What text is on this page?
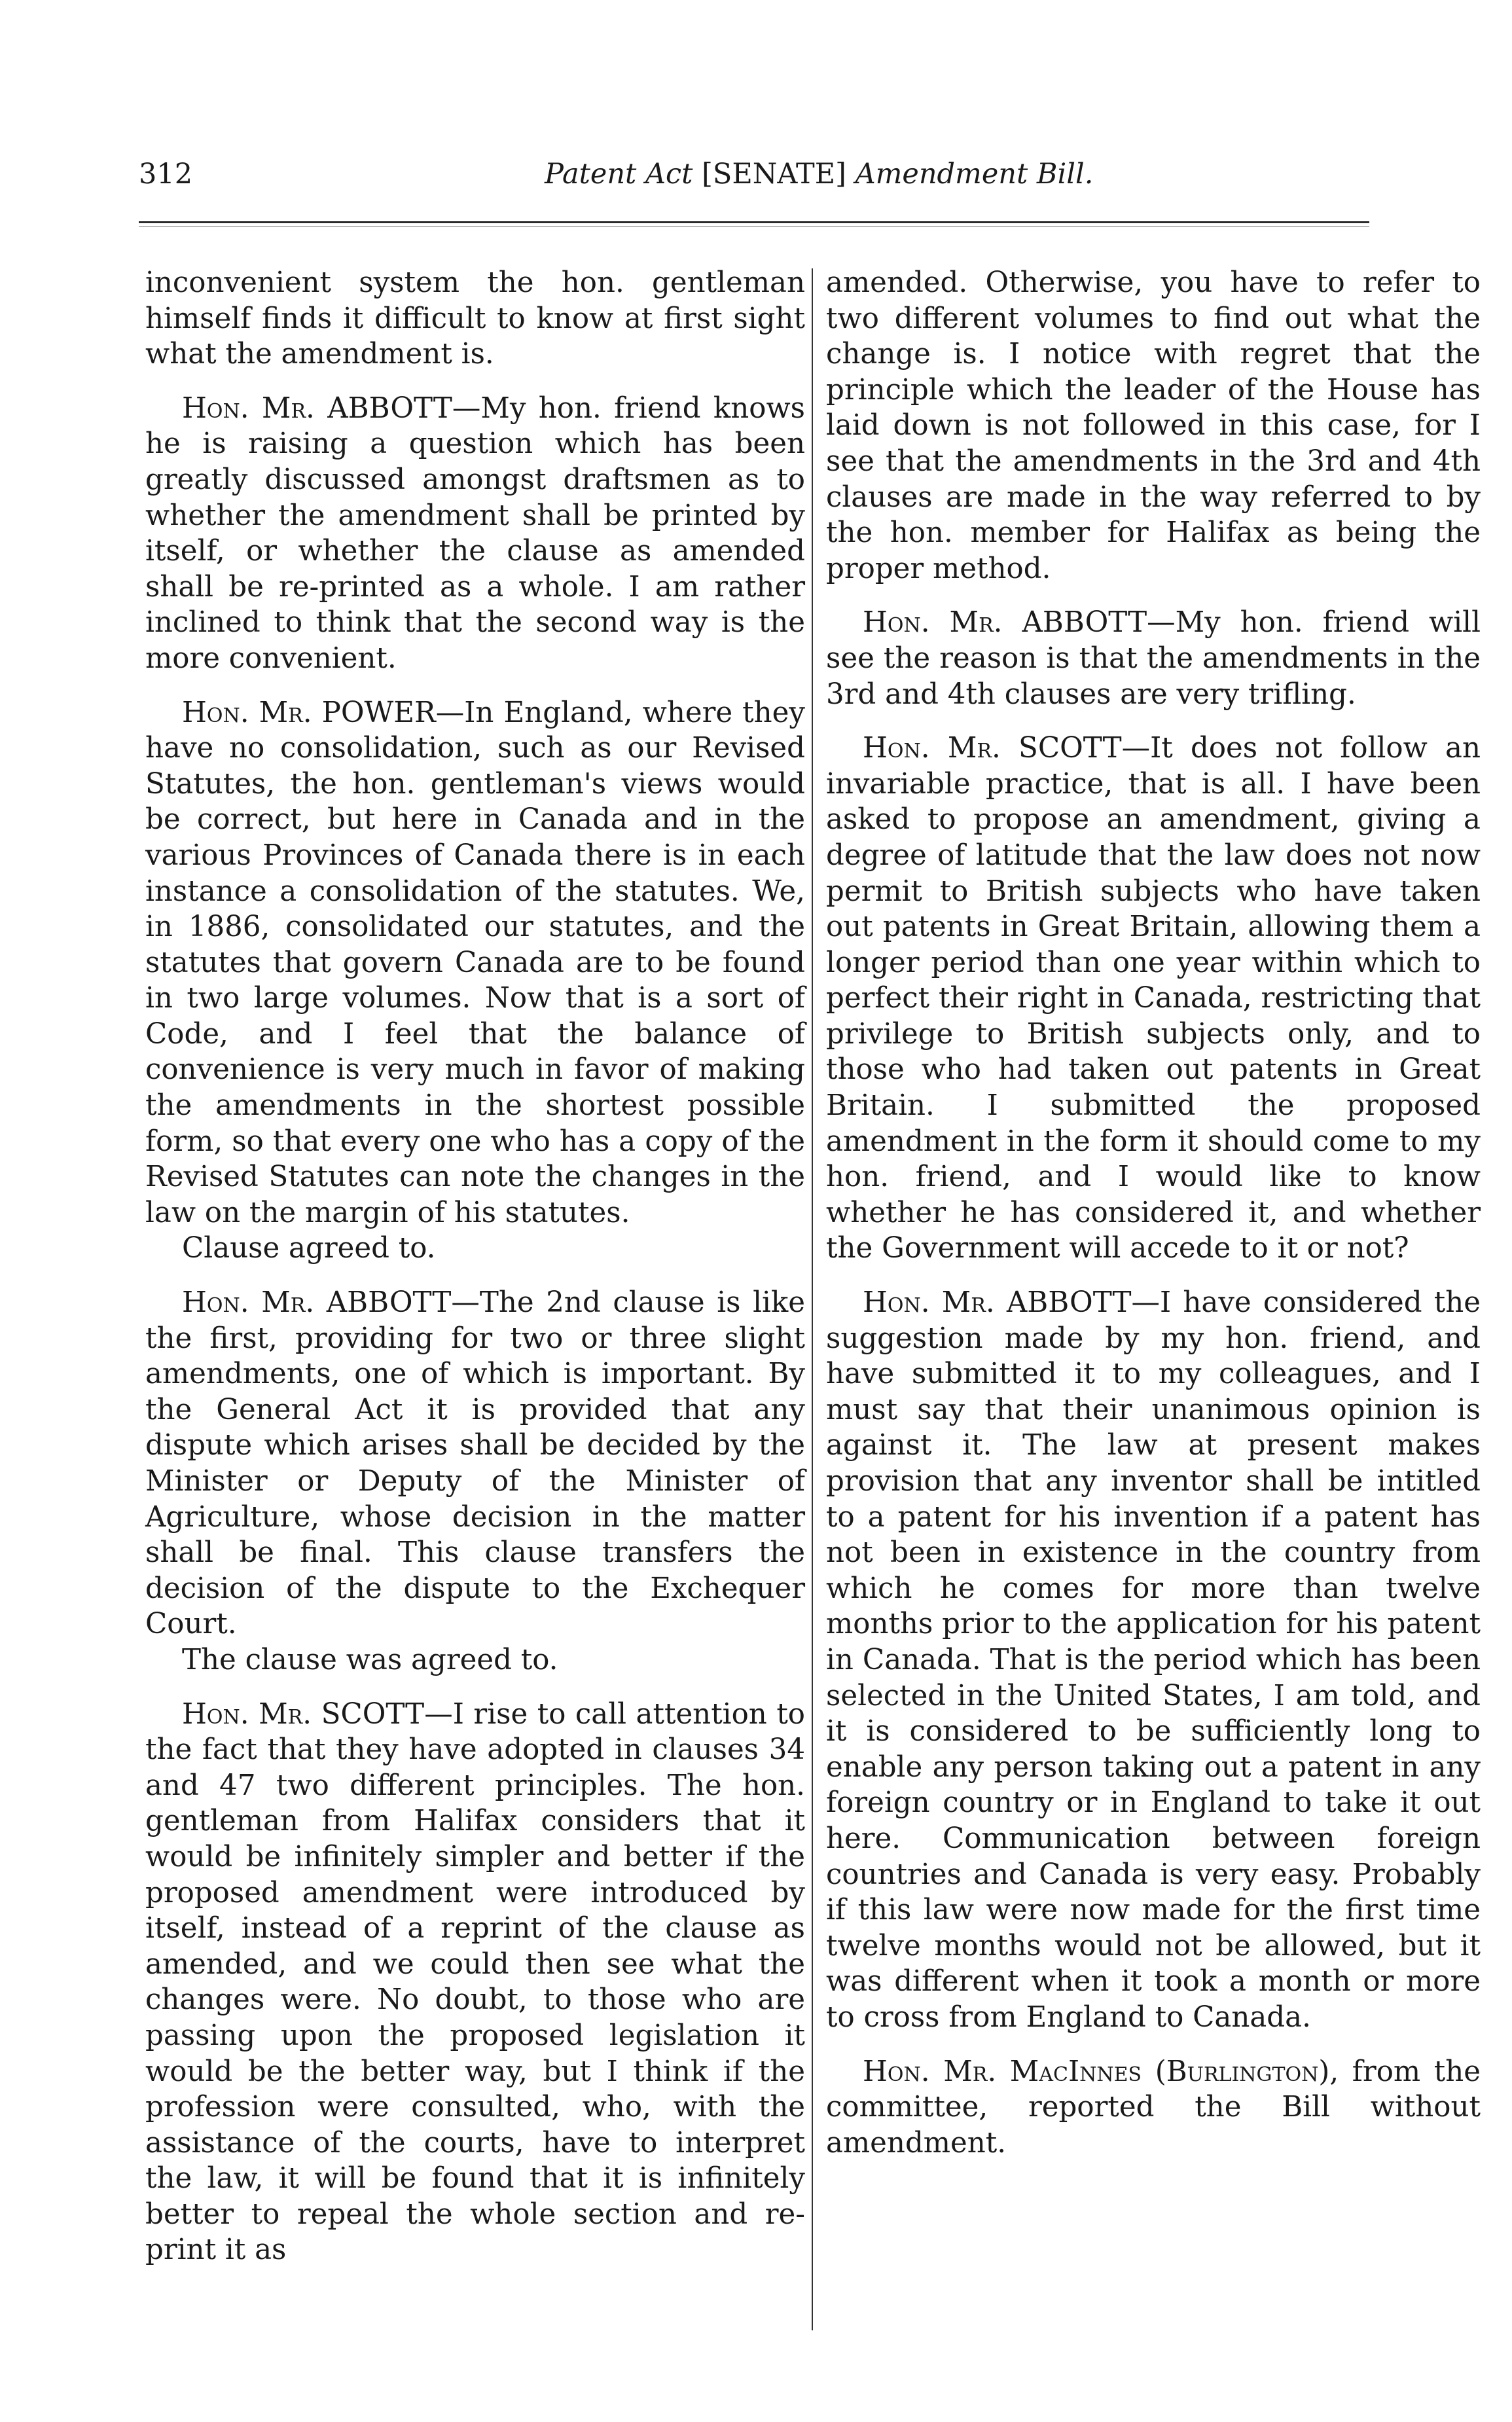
312	Patent Act [SENATE] Amendment Bill.

inconvenient system the hon. gentleman himself finds it difficult to know at first sight what the amendment is.

Hon. Mr. ABBOTT—My hon. friend knows he is raising a question which has been greatly discussed amongst draftsmen as to whether the amendment shall be printed by itself, or whether the clause as amended shall be re-printed as a whole. I am rather inclined to think that the second way is the more convenient.

Hon. Mr. POWER—In England, where they have no consolidation, such as our Revised Statutes, the hon. gentleman's views would be correct, but here in Canada and in the various Provinces of Canada there is in each instance a consolidation of the statutes. We, in 1886, consolidated our statutes, and the statutes that govern Canada are to be found in two large volumes. Now that is a sort of Code, and I feel that the balance of convenience is very much in favor of making the amendments in the shortest possible form, so that every one who has a copy of the Revised Statutes can note the changes in the law on the margin of his statutes.

Clause agreed to.

Hon. Mr. ABBOTT—The 2nd clause is like the first, providing for two or three slight amendments, one of which is important. By the General Act it is provided that any dispute which arises shall be decided by the Minister or Deputy of the Minister of Agriculture, whose decision in the matter shall be final. This clause transfers the decision of the dispute to the Exchequer Court.

The clause was agreed to.

Hon. Mr. SCOTT—I rise to call attention to the fact that they have adopted in clauses 34 and 47 two different principles. The hon. gentleman from Halifax considers that it would be infinitely simpler and better if the proposed amendment were introduced by itself, instead of a reprint of the clause as amended, and we could then see what the changes were. No doubt, to those who are passing upon the proposed legislation it would be the better way, but I think if the profession were consulted, who, with the assistance of the courts, have to interpret the law, it will be found that it is infinitely better to repeal the whole section and re-print it as

amended. Otherwise, you have to refer to two different volumes to find out what the change is. I notice with regret that the principle which the leader of the House has laid down is not followed in this case, for I see that the amendments in the 3rd and 4th clauses are made in the way referred to by the hon. member for Halifax as being the proper method.

Hon. Mr. ABBOTT—My hon. friend will see the reason is that the amendments in the 3rd and 4th clauses are very trifling.

Hon. Mr. SCOTT—It does not follow an invariable practice, that is all. I have been asked to propose an amendment, giving a degree of latitude that the law does not now permit to British subjects who have taken out patents in Great Britain, allowing them a longer period than one year within which to perfect their right in Canada, restricting that privilege to British subjects only, and to those who had taken out patents in Great Britain. I submitted the proposed amendment in the form it should come to my hon. friend, and I would like to know whether he has considered it, and whether the Government will accede to it or not?

Hon. Mr. ABBOTT—I have considered the suggestion made by my hon. friend, and have submitted it to my colleagues, and I must say that their unanimous opinion is against it. The law at present makes provision that any inventor shall be intitled to a patent for his invention if a patent has not been in existence in the country from which he comes for more than twelve months prior to the application for his patent in Canada. That is the period which has been selected in the United States, I am told, and it is considered to be sufficiently long to enable any person taking out a patent in any foreign country or in England to take it out here. Communication between foreign countries and Canada is very easy. Probably if this law were now made for the first time twelve months would not be allowed, but it was different when it took a month or more to cross from England to Canada.

Hon. Mr. MacInnes (Burlington), from the committee, reported the Bill without amendment.
